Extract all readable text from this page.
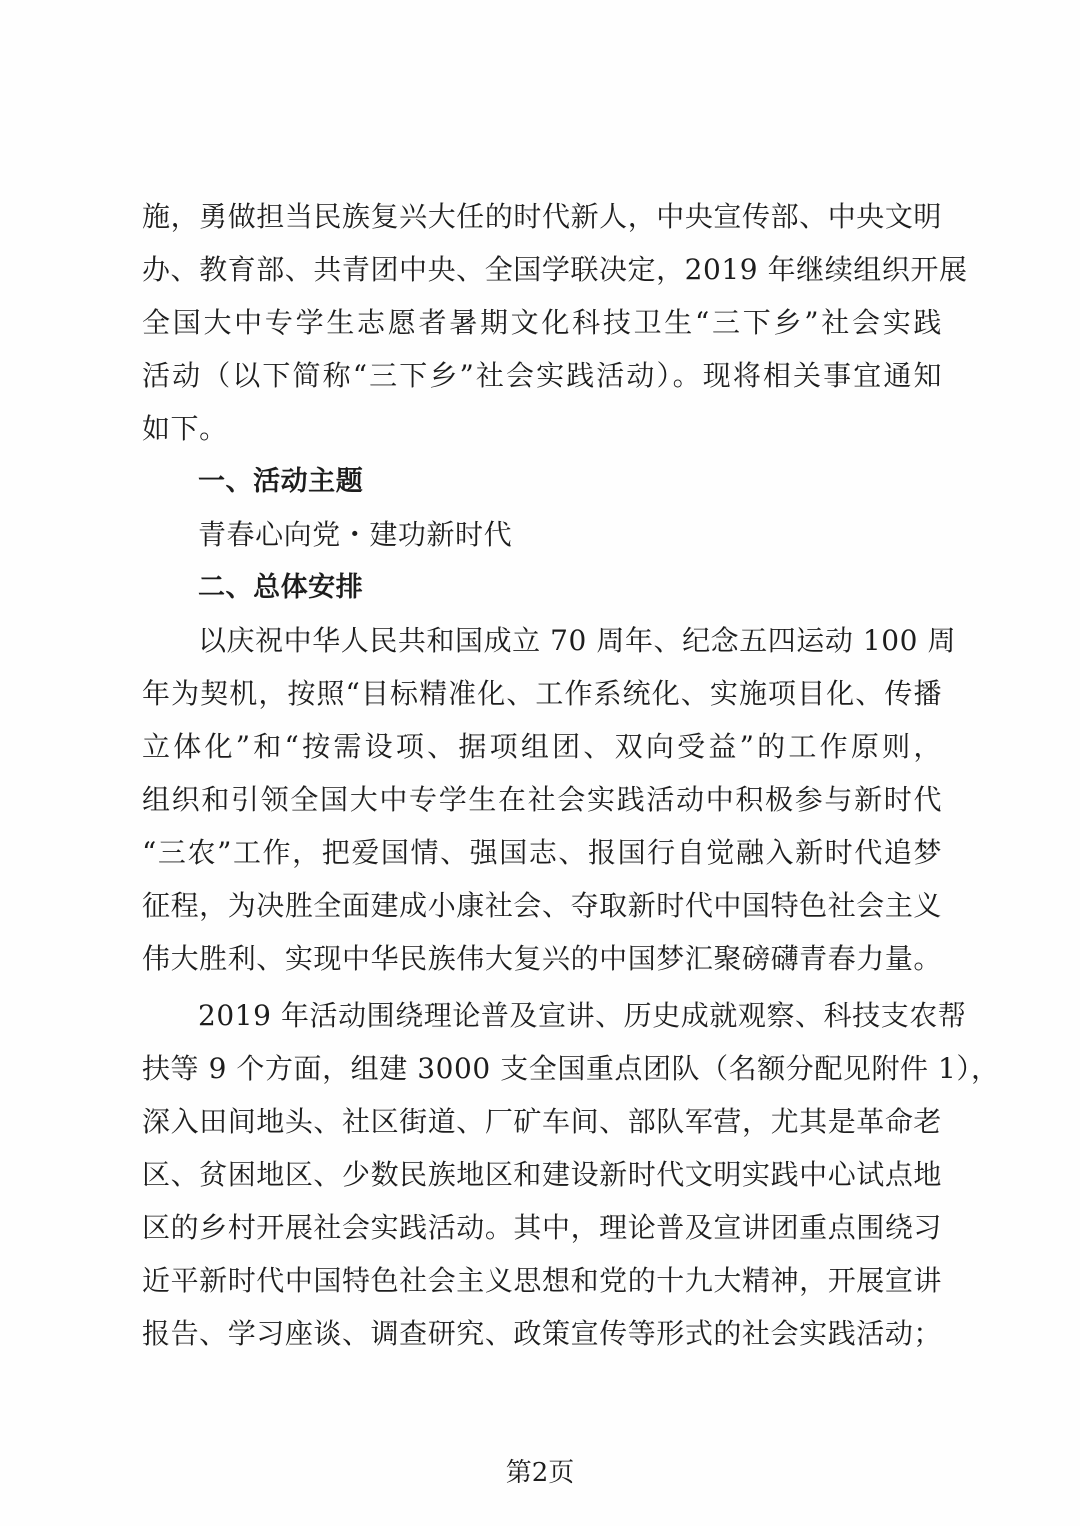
施，勇做担当民族复兴大任的时代新人，中央宣传部、中央文明
办、教育部、共青团中央、全国学联决定，2019 年继续组织开展
全国大中专学生志愿者暑期文化科技卫生“三下乡”社会实践
活动（以下简称“三下乡”社会实践活动）。现将相关事宜通知
如下。
一、活动主题
青春心向党・建功新时代
二、总体安排
以庆祝中华人民共和国成立 70 周年、纪念五四运动 100 周
年为契机，按照“目标精准化、工作系统化、实施项目化、传播
立体化”和“按需设项、据项组团、双向受益”的工作原则，
组织和引领全国大中专学生在社会实践活动中积极参与新时代
“三农”工作，把爱国情、强国志、报国行自觉融入新时代追梦
征程，为决胜全面建成小康社会、夺取新时代中国特色社会主义
伟大胜利、实现中华民族伟大复兴的中国梦汇聚磅礴青春力量。
2019 年活动围绕理论普及宣讲、历史成就观察、科技支农帮
扶等 9 个方面，组建 3000 支全国重点团队（名额分配见附件 1），
深入田间地头、社区街道、厂矿车间、部队军营，尤其是革命老
区、贫困地区、少数民族地区和建设新时代文明实践中心试点地
区的乡村开展社会实践活动。其中，理论普及宣讲团重点围绕习
近平新时代中国特色社会主义思想和党的十九大精神，开展宣讲
报告、学习座谈、调查研究、政策宣传等形式的社会实践活动；
第2页
